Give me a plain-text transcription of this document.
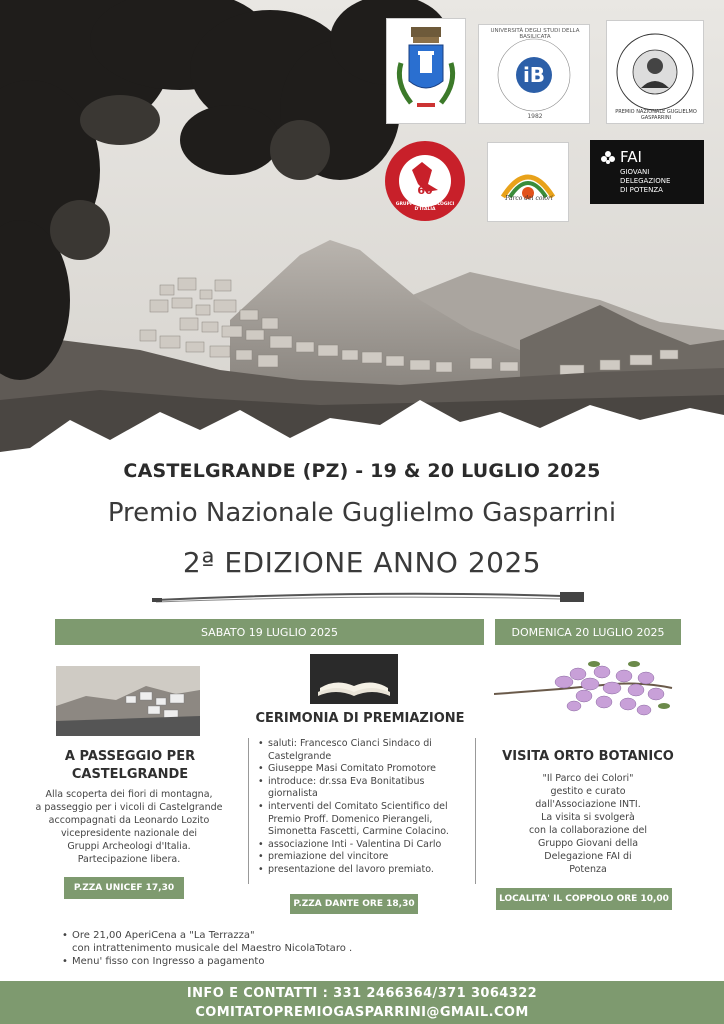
iB
UNIVERSITÀ DEGLI STUDI DELLA BASILICATA
1982
PREMIO NAZIONALE GUGLIELMO GASPARRINI
60
GRUPPI ARCHEOLOGICI D'ITALIA
Parco dei colori
FAI
GIOVANI
DELEGAZIONE
DI POTENZA
CASTELGRANDE (PZ) - 19 & 20 LUGLIO 2025
Premio Nazionale Guglielmo Gasparrini
2ª EDIZIONE ANNO 2025
SABATO 19 LUGLIO 2025	DOMENICA 20 LUGLIO 2025
A PASSEGGIO PER
CASTELGRANDE
Alla scoperta dei fiori di montagna,
a passeggio per i vicoli di Castelgrande
accompagnati da Leonardo Lozito
vicepresidente nazionale dei
Gruppi Archeologi d'Italia.
Partecipazione libera.
P.ZZA UNICEF 17,30
CERIMONIA DI PREMIAZIONE
• saluti: Francesco Cianci Sindaco di
Castelgrande
• Giuseppe Masi Comitato Promotore
• introduce: dr.ssa Eva Bonitatibus
giornalista
• interventi del Comitato Scientifico del
Premio Proff. Domenico Pierangeli,
Simonetta Fascetti, Carmine Colacino.
• associazione Inti - Valentina Di Carlo
• premiazione del vincitore
• presentazione del lavoro premiato.
P.ZZA DANTE ORE 18,30
VISITA ORTO BOTANICO
"Il Parco dei Colori"
gestito e curato
dall'Associazione INTI.
La visita si svolgerà
con la collaborazione del
Gruppo Giovani della
Delegazione FAI di
Potenza
LOCALITA' IL COPPOLO ORE 10,00
• Ore 21,00 AperiCena a "La Terrazza"
con intrattenimento musicale del Maestro NicolaTotaro .
• Menu' fisso con Ingresso a pagamento
INFO E CONTATTI : 331 2466364/371 3064322
COMITATOPREMIOGASPARRINI@GMAIL.COM
